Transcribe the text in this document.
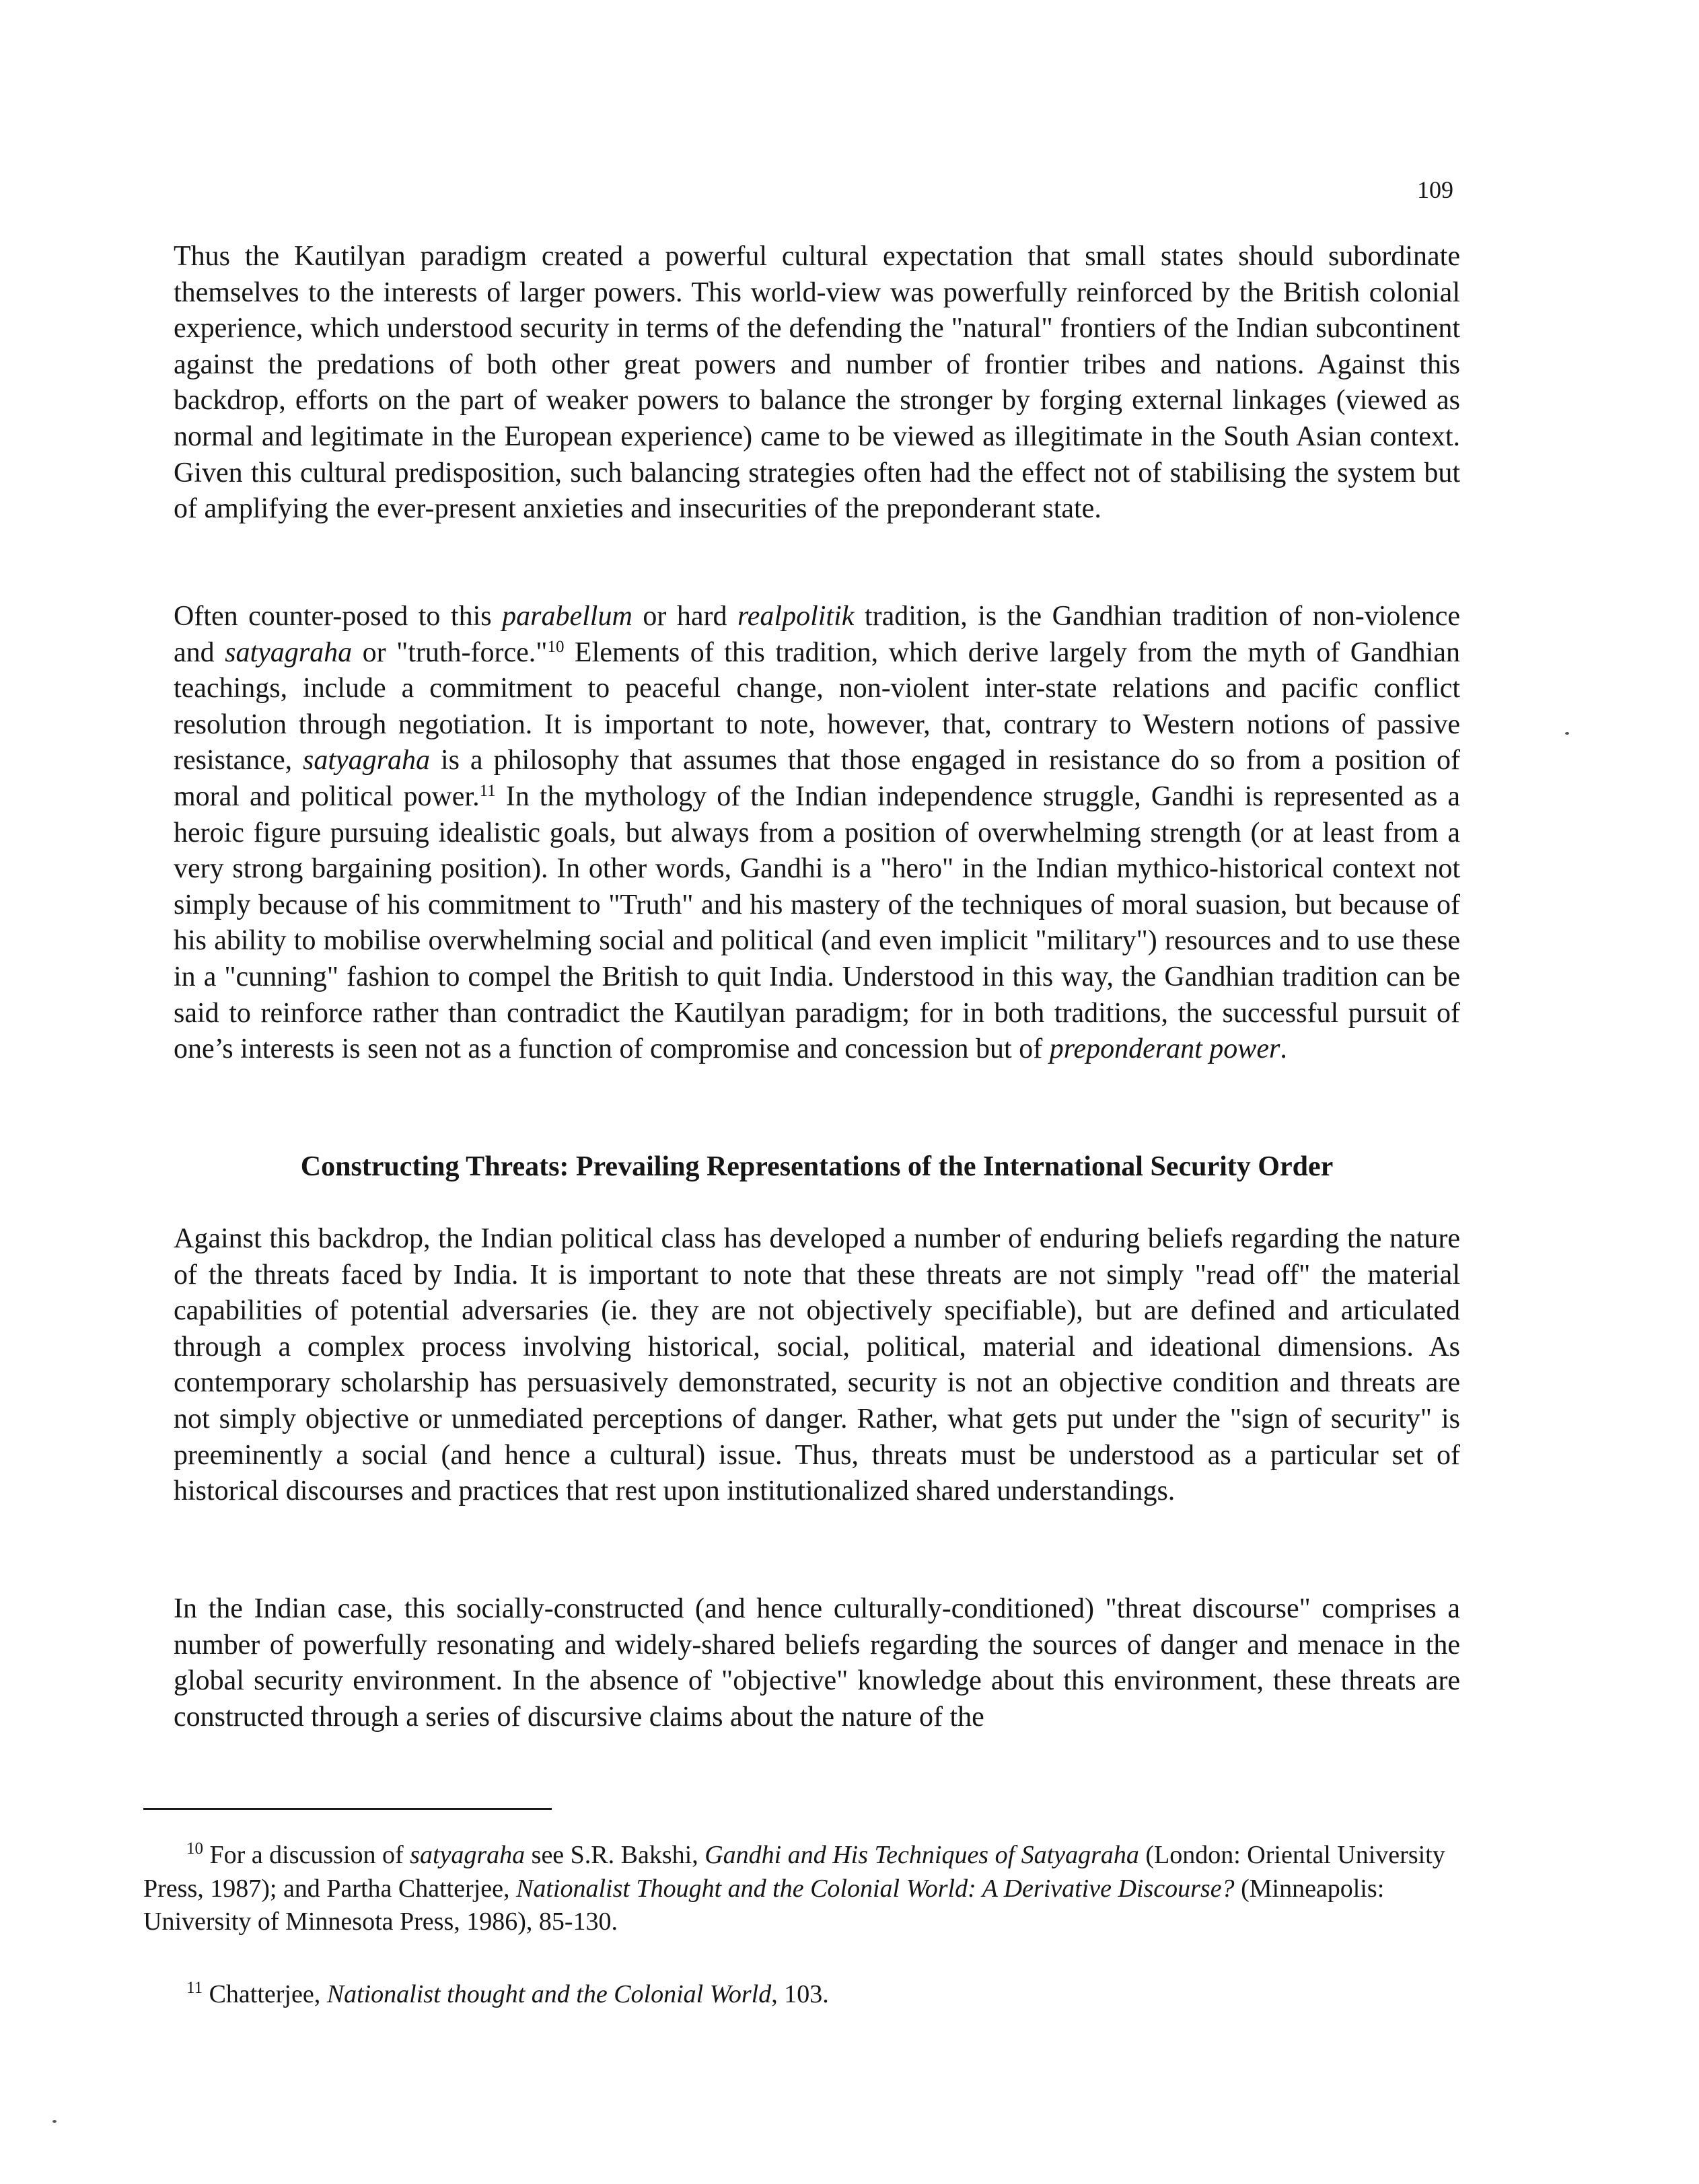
109

Thus the Kautilyan paradigm created a powerful cultural expectation that small states should subordinate themselves to the interests of larger powers. This world-view was powerfully reinforced by the British colonial experience, which understood security in terms of the defending the "natural" frontiers of the Indian subcontinent against the predations of both other great powers and number of frontier tribes and nations. Against this backdrop, efforts on the part of weaker powers to balance the stronger by forging external linkages (viewed as normal and legitimate in the European experience) came to be viewed as illegitimate in the South Asian context. Given this cultural predisposition, such balancing strategies often had the effect not of stabilising the system but of amplifying the ever-present anxieties and insecurities of the preponderant state.

Often counter-posed to this parabellum or hard realpolitik tradition, is the Gandhian tradition of non-violence and satyagraha or "truth-force."$^{10}$ Elements of this tradition, which derive largely from the myth of Gandhian teachings, include a commitment to peaceful change, non-violent inter-state relations and pacific conflict resolution through negotiation. It is important to note, however, that, contrary to Western notions of passive resistance, satyagraha is a philosophy that assumes that those engaged in resistance do so from a position of moral and political power.$^{11}$ In the mythology of the Indian independence struggle, Gandhi is represented as a heroic figure pursuing idealistic goals, but always from a position of overwhelming strength (or at least from a very strong bargaining position). In other words, Gandhi is a "hero" in the Indian mythico-historical context not simply because of his commitment to "Truth" and his mastery of the techniques of moral suasion, but because of his ability to mobilise overwhelming social and political (and even implicit "military") resources and to use these in a "cunning" fashion to compel the British to quit India. Understood in this way, the Gandhian tradition can be said to reinforce rather than contradict the Kautilyan paradigm; for in both traditions, the successful pursuit of one’s interests is seen not as a function of compromise and concession but of preponderant power.

Constructing Threats: Prevailing Representations of the International Security Order

Against this backdrop, the Indian political class has developed a number of enduring beliefs regarding the nature of the threats faced by India. It is important to note that these threats are not simply "read off" the material capabilities of potential adversaries (ie. they are not objectively specifiable), but are defined and articulated through a complex process involving historical, social, political, material and ideational dimensions. As contemporary scholarship has persuasively demonstrated, security is not an objective condition and threats are not simply objective or unmediated perceptions of danger. Rather, what gets put under the "sign of security" is preeminently a social (and hence a cultural) issue. Thus, threats must be understood as a particular set of historical discourses and practices that rest upon institutionalized shared understandings.

In the Indian case, this socially-constructed (and hence culturally-conditioned) "threat discourse" comprises a number of powerfully resonating and widely-shared beliefs regarding the sources of danger and menace in the global security environment. In the absence of "objective" knowledge about this environment, these threats are constructed through a series of discursive claims about the nature of the

$^{10}$ For a discussion of satyagraha see S.R. Bakshi, Gandhi and His Techniques of Satyagraha (London: Oriental University Press, 1987); and Partha Chatterjee, Nationalist Thought and the Colonial World: A Derivative Discourse? (Minneapolis: University of Minnesota Press, 1986), 85-130.

$^{11}$ Chatterjee, Nationalist thought and the Colonial World, 103.
